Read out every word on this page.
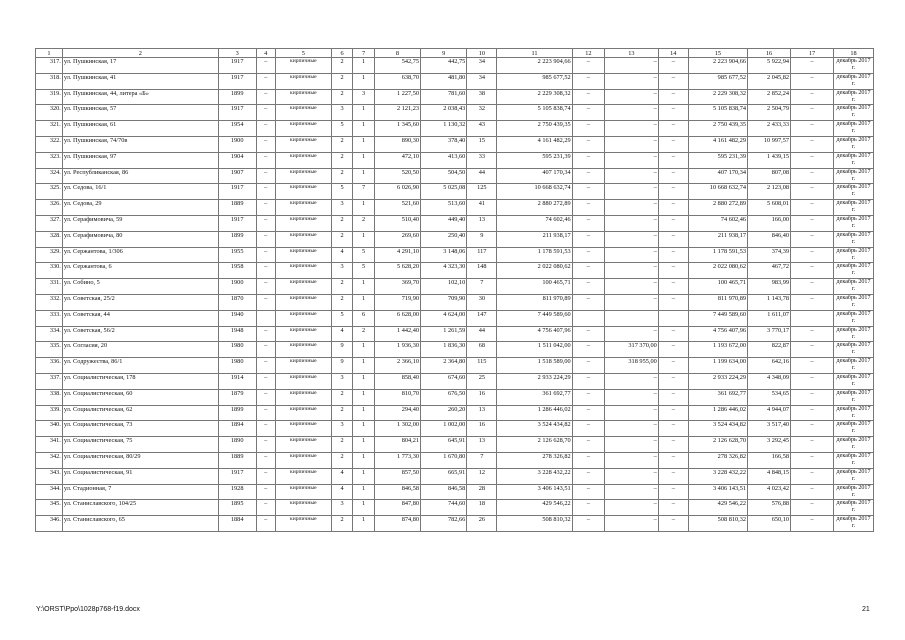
1	2	3	4	5	6	7	8	9	10	11	12	13	14	15	16	17	18
317.	ул. Пушкинская, 17	1917	–	кирпичные	2	1	542,75	442,75	34	2 223 904,66	–	–	–	2 223 904,66	5 922,94	–	декабрь 2017 г.
318.	ул. Пушкинская, 41	1917	–	кирпичные	2	1	638,70	481,80	34	985 677,52	–	–	–	985 677,52	2 045,82	–	декабрь 2017 г.
319.	ул. Пушкинская, 44, литера «Б»	1899	–	кирпичные	2	3	1 227,50	781,60	38	2 229 308,32	–	–	–	2 229 308,32	2 852,24	–	декабрь 2017 г.
320.	ул. Пушкинская, 57	1917	–	кирпичные	3	1	2 121,23	2 038,43	32	5 105 838,74	–	–	–	5 105 838,74	2 504,79	–	декабрь 2017 г.
321.	ул. Пушкинская, 61	1954	–	кирпичные	5	1	1 345,60	1 130,32	43	2 750 439,35	–	–	–	2 750 439,35	2 433,33	–	декабрь 2017 г.
322.	ул. Пушкинская, 74/70в	1900	–	кирпичные	2	1	890,30	378,40	15	4 161 482,29	–	–	–	4 161 482,29	10 997,57	–	декабрь 2017 г.
323.	ул. Пушкинская, 97	1904	–	кирпичные	2	1	472,10	413,60	33	595 231,39	–	–	–	595 231,39	1 439,15	–	декабрь 2017 г.
324.	ул. Республиканская, 86	1907	–	кирпичные	2	1	520,50	504,50	44	407 170,34	–	–	–	407 170,34	807,08	–	декабрь 2017 г.
325.	ул. Седова, 16/1	1917	–	кирпичные	5	7	6 026,90	5 025,08	125	10 668 632,74	–	–	–	10 668 632,74	2 123,08	–	декабрь 2017 г.
326.	ул. Седова, 29	1889	–	кирпичные	3	1	521,60	513,60	41	2 880 272,89	–	–	–	2 880 272,89	5 608,01	–	декабрь 2017 г.
327.	ул. Серафимовича, 59	1917	–	кирпичные	2	2	510,40	449,40	13	74 602,46	–	–	–	74 602,46	166,00	–	декабрь 2017 г.
328.	ул. Серафимовича, 80	1899	–	кирпичные	2	1	269,60	250,40	9	211 938,17	–	–	–	211 938,17	846,40	–	декабрь 2017 г.
329.	ул. Сержантова, 1/306	1955	–	кирпичные	4	5	4 291,10	3 148,06	117	1 178 591,53	–	–	–	1 178 591,53	374,39	–	декабрь 2017 г.
330.	ул. Сержантова, 6	1958	–	кирпичные	3	5	5 628,20	4 323,30	148	2 022 080,62	–	–	–	2 022 080,62	467,72	–	декабрь 2017 г.
331.	ул. Собино, 5	1900	–	кирпичные	2	1	369,70	102,10	7	100 465,71	–	–	–	100 465,71	983,99	–	декабрь 2017 г.
332.	ул. Советская, 25/2	1870	–	кирпичные	2	1	719,90	709,90	30	811 970,89	–	–	–	811 970,89	1 143,78	–	декабрь 2017 г.
333.	ул. Советская, 44	1940		кирпичные	5	6	6 628,00	4 624,00	147	7 449 589,60				7 449 589,60	1 611,07		декабрь 2017 г.
334.	ул. Советская, 56/2	1948	–	кирпичные	4	2	1 442,40	1 261,59	44	4 756 407,96	–	–	–	4 756 407,96	3 770,17	–	декабрь 2017 г.
335.	ул. Согласия, 20	1980	–	кирпичные	9	1	1 936,30	1 836,30	68	1 511 042,00	–	317 370,00	–	1 193 672,00	822,87	–	декабрь 2017 г.
336.	ул. Содружества, 86/1	1980	–	кирпичные	9	1	2 366,10	2 364,80	115	1 518 589,00	–	318 955,00	–	1 199 634,00	642,16	–	декабрь 2017 г.
337.	ул. Социалистическая, 178	1914	–	кирпичные	3	1	858,40	674,60	25	2 933 224,29	–	–	–	2 933 224,29	4 348,09	–	декабрь 2017 г.
338.	ул. Социалистическая, 60	1879	–	кирпичные	2	1	810,70	676,50	16	361 692,77	–	–	–	361 692,77	534,65	–	декабрь 2017 г.
339.	ул. Социалистическая, 62	1899	–	кирпичные	2	1	294,40	260,20	13	1 286 446,02	–	–	–	1 286 446,02	4 944,07	–	декабрь 2017 г.
340.	ул. Социалистическая, 73	1894	–	кирпичные	3	1	1 302,00	1 002,00	16	3 524 434,82	–	–	–	3 524 434,82	3 517,40	–	декабрь 2017 г.
341.	ул. Социалистическая, 75	1890	–	кирпичные	2	1	804,21	645,91	13	2 126 628,70	–	–	–	2 126 628,70	3 292,45	–	декабрь 2017 г.
342.	ул. Социалистическая, 80/29	1889	–	кирпичные	2	1	1 773,30	1 670,80	7	278 326,82	–	–	–	278 326,82	166,58	–	декабрь 2017 г.
343.	ул. Социалистическая, 91	1917	–	кирпичные	4	1	857,50	665,91	12	3 228 432,22	–	–	–	3 228 432,22	4 848,15	–	декабрь 2017 г.
344.	ул. Стадионная, 7	1928	–	кирпичные	4	1	846,58	846,58	28	3 406 143,51	–	–	–	3 406 143,51	4 023,42	–	декабрь 2017 г.
345.	ул. Станиславского, 104/25	1895	–	кирпичные	3	1	847,80	744,60	18	429 546,22	–	–	–	429 546,22	576,88	–	декабрь 2017 г.
346.	ул. Станиславского, 65	1884	–	кирпичные	2	1	874,80	782,66	26	508 810,32	–	–	–	508 810,32	650,10	–	декабрь 2017 г.
Y:\ORST\Ppo\1028p768-f19.docx	21
